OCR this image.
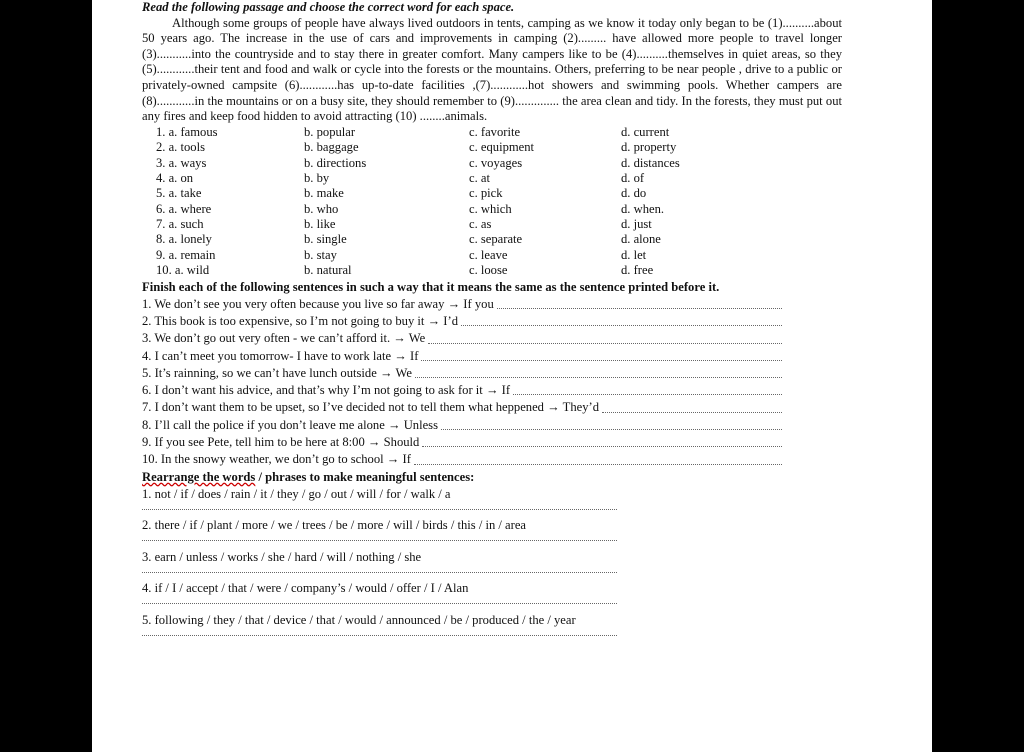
Read the following passage and choose the correct word for each space.

Although some groups of people have always lived outdoors in tents, camping as we know it today only began to be (1)..........about 50 years ago. The increase in the use of cars and improvements in camping (2)......... have allowed more people to travel longer (3)...........into the countryside and to stay there in greater comfort. Many campers like to be (4)..........themselves in quiet areas, so they (5)............their tent and food and walk or cycle into the forests or the mountains. Others, preferring to be near people , drive to a public or privately-owned campsite (6)............has up-to-date facilities ,(7)............hot showers and swimming pools. Whether campers are (8)............in the mountains or on a busy site, they should remember to (9).............. the area clean and tidy. In the forests, they must put out any fires and keep food hidden to avoid attracting (10) ........animals.

1. a. famous	b. popular	c. favorite	d. current
2. a. tools	b. baggage	c. equipment	d. property
3. a. ways	b. directions	c. voyages	d. distances
4. a. on	b. by	c. at	d. of
5. a. take	b. make	c. pick	d. do
6. a. where	b. who	c. which	d. when.
7. a. such	b. like	c. as	d. just
8. a. lonely	b. single	c. separate	d. alone
9. a. remain	b. stay	c. leave	d. let
10. a. wild	b. natural	c. loose	d. free

Finish each of the following sentences in such a way that it means the same as the sentence printed before it.

1. We don’t see you very often because you live so far away → If you
2. This book is too expensive, so I’m not going to buy it → I’d
3. We don’t go out very often - we can’t afford it. → We
4. I can’t meet you tomorrow- I have to work late → If
5. It’s rainning, so we can’t have lunch outside → We
6. I don’t want his advice, and that’s why I’m not going to ask for it → If
7. I don’t want them to be upset, so I’ve decided not to tell them what heppened → They’d
8. I’ll call the police if you don’t leave me alone → Unless
9. If you see Pete, tell him to be here at 8:00 → Should
10. In the snowy weather, we don’t go to school → If
Rearrange the words / phrases to make meaningful sentences:
1. not / if / does / rain / it / they / go / out / will / for / walk / a
2. there / if / plant / more / we / trees / be / more / will / birds / this / in / area
3. earn / unless / works / she / hard / will / nothing / she
4. if / I / accept / that / were / company’s / would / offer / I / Alan
5. following / they / that / device / that / would / announced / be / produced / the / year
